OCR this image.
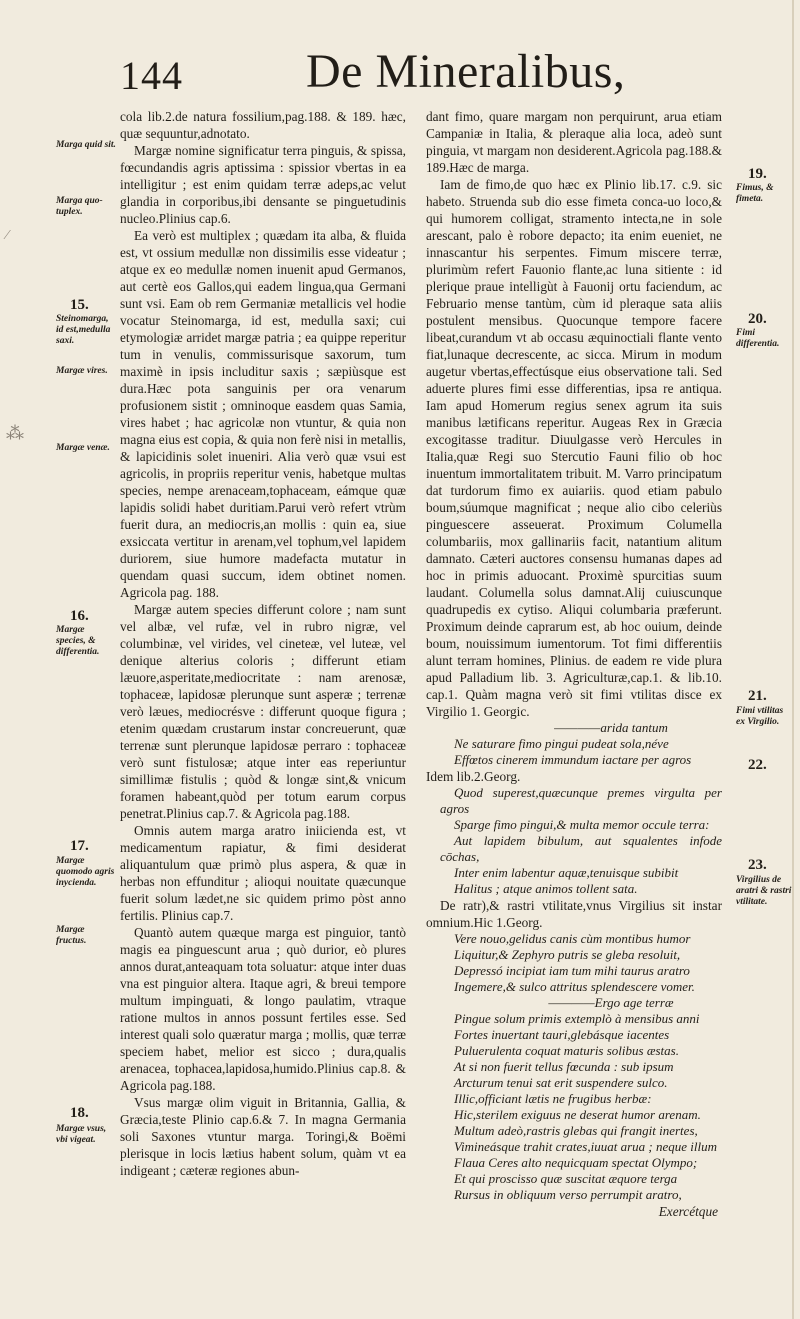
⁂
⁄
144	De Mineralibus,

cola lib.2.de natura fossilium,pag.188. & 189. hæc, quæ sequuntur,adnotato.

Margæ nomine significatur terra pinguis, & spissa, fœcundandis agris aptissima : spissior vbertas in ea intelligitur ; est enim quidam terræ adeps,ac velut glandia in corporibus,ibi densante se pinguetudinis nucleo.Plinius cap.6.

Ea verò est multiplex ; quædam ita alba, & fluida est, vt ossium medullæ non dissimilis esse videatur ; atque ex eo medullæ nomen inuenit apud Germanos, aut certè eos Gallos,qui eadem lingua,qua Germani sunt vsi. Eam ob rem Germaniæ metallicis vel hodie vocatur Steinomarga, id est, medulla saxi; cui etymologiæ arridet margæ patria ; ea quippe reperitur tum in venulis, commissurisque saxorum, tum maximè in ipsis includitur saxis ; sæpiùsque est dura.Hæc pota sanguinis per ora venarum profusionem sistit ; omninoque easdem quas Samia, vires habet ; hac agricolæ non vtuntur, & quia non magna eius est copia, & quia non ferè nisi in metallis, & lapicidinis solet inueniri. Alia verò quæ vsui est agricolis, in propriis reperitur venis, habetque multas species, nempe arenaceam,tophaceam, eámque quæ lapidis solidi habet duritiam.Parui verò refert vtrùm fuerit dura, an mediocris,an mollis : quin ea, siue exsiccata vertitur in arenam,vel tophum,vel lapidem duriorem, siue humore madefacta mutatur in quendam quasi succum, idem obtinet nomen. Agricola pag. 188.

Margæ autem species differunt colore ; nam sunt vel albæ, vel rufæ, vel in rubro nigræ, vel columbinæ, vel virides, vel cineteæ, vel luteæ, vel denique alterius coloris ; differunt etiam læuore,asperitate,mediocritate : nam arenosæ, tophaceæ, lapidosæ plerunque sunt asperæ ; terrenæ verò læues, mediocrésve : differunt quoque figura ; etenim quædam crustarum instar concreuerunt, quæ terrenæ sunt plerunque lapidosæ perraro : tophaceæ verò sunt fistulosæ; atque inter eas reperiuntur simillimæ fistulis ; quòd & longæ sint,& vnicum foramen habeant,quòd per totum earum corpus penetrat.Plinius cap.7. & Agricola pag.188.

Omnis autem marga aratro iniicienda est, vt medicamentum rapiatur, & fimi desiderat aliquantulum quæ primò plus aspera, & quæ in herbas non effunditur ; alioqui nouitate quæcunque fuerit solum lædet,ne sic quidem primo pòst anno fertilis. Plinius cap.7.

Quantò autem quæque marga est pinguior, tantò magis ea pinguescunt arua ; quò durior, eò plures annos durat,anteaquam tota soluatur: atque inter duas vna est pinguior altera. Itaque agri, & breui tempore multum impinguati, & longo paulatim, vtraque ratione multos in annos possunt fertiles esse. Sed interest quali solo quæratur marga ; mollis, quæ terræ speciem habet, melior est sicco ; dura,qualis arenacea, tophacea,lapidosa,humido.Plinius cap.8. & Agricola pag.188.

Vsus margæ olim viguit in Britannia, Gallia, & Græcia,teste Plinio cap.6.& 7. In magna Germania soli Saxones vtuntur marga. Toringi,& Boëmi plerisque in locis lætius habent solum, quàm vt ea indigeant ; cæteræ regiones abun-

dant fimo, quare margam non perquirunt, arua etiam Campaniæ in Italia, & pleraque alia loca, adeò sunt pinguia, vt margam non desiderent.Agricola pag.188.& 189.Hæc de marga.

Iam de fimo,de quo hæc ex Plinio lib.17. c.9. sic habeto. Struenda sub dio esse fimeta conca-uo loco,& qui humorem colligat, stramento intecta,ne in sole arescant, palo è robore depacto; ita enim eueniet, ne innascantur his serpentes. Fimum miscere terræ, plurimùm refert Fauonio flante,ac luna sitiente : id plerique praue intelligùt à Fauonij ortu faciendum, ac Februario mense tantùm, cùm id pleraque sata aliis postulent mensibus. Quocunque tempore facere libeat,curandum vt ab occasu æquinoctiali flante vento fiat,lunaque decrescente, ac sicca. Mirum in modum augetur vbertas,effectúsque eius observatione tali. Sed aduerte plures fimi esse differentias, ipsa re antiqua. Iam apud Homerum regius senex agrum ita suis manibus lætificans reperitur. Augeas Rex in Græcia excogitasse traditur. Diuulgasse verò Hercules in Italia,quæ Regi suo Stercutio Fauni filio ob hoc inuentum immortalitatem tribuit. M. Varro principatum dat turdorum fimo ex auiariis. quod etiam pabulo boum,súumque magnificat ; neque alio cibo celeriùs pinguescere asseuerat. Proximum Columella columbariis, mox gallinariis facit, natantium alitum damnato. Cæteri auctores consensu humanas dapes ad hoc in primis aduocant. Proximè spurcitias suum laudant. Columella solus damnat.Alij cuiuscunque quadrupedis ex cytiso. Aliqui columbaria præferunt. Proximum deinde caprarum est, ab hoc ouium, deinde boum, nouissimum iumentorum. Tot fimi differentiis alunt terram homines, Plinius. de eadem re vide plura apud Palladium lib. 3. Agriculturæ,cap.1. & lib.10. cap.1. Quàm magna verò sit fimi vtilitas disce ex Virgilio 1. Georgic.

————arida tantum

Ne saturare fimo pingui pudeat sola,néve

Effœtos cinerem immundum iactare per agros

Idem lib.2.Georg.

Quod superest,quæcunque premes virgulta per agros

Sparge fimo pingui,& multa memor occule terra:

Aut lapidem bibulum, aut squalentes infode cōchas,

Inter enim labentur aquæ,tenuisque subibit

Halitus ; atque animos tollent sata.

De ratr),& rastri vtilitate,vnus Virgilius sit instar omnium.Hic 1.Georg.

Vere nouo,gelidus canis cùm montibus humor

Liquitur,& Zephyro putris se gleba resoluit,

Depressó incipiat iam tum mihi taurus aratro

Ingemere,& sulco attritus splendescere vomer.

————Ergo age terræ

Pingue solum primis extemplò à mensibus anni

Fortes inuertant tauri,glebásque iacentes

Puluerulenta coquat maturis solibus æstas.

At si non fuerit tellus fœcunda : sub ipsum

Arcturum tenui sat erit suspendere sulco.

Illic,officiant lætis ne frugibus herbæ:

Hic,sterilem exiguus ne deserat humor arenam.

Multum adeò,rastris glebas qui frangit inertes,

Vimineásque trahit crates,iuuat arua ; neque illum

Flaua Ceres alto nequicquam spectat Olympo;

Et qui proscisso quæ suscitat æquore terga

Rursus in obliquum verso perrumpit aratro,

Exercétque

Marga quid sit.
Marga quo-tuplex.
15.
Steinomarga, id est,medulla saxi.
Margæ vires.
Margæ venæ.
16.
Margæ species, & differentia.
17.
Margæ quomodo agris inycienda.
Margæ fructus.
18.
Margæ vsus, vbi vigeat.
19.
Fimus, & fimeta.
20.
Fimi differentia.
21.
Fimi vtilitas ex Virgilio.
22.
23.
Virgilius de aratri & rastri vtilitate.
